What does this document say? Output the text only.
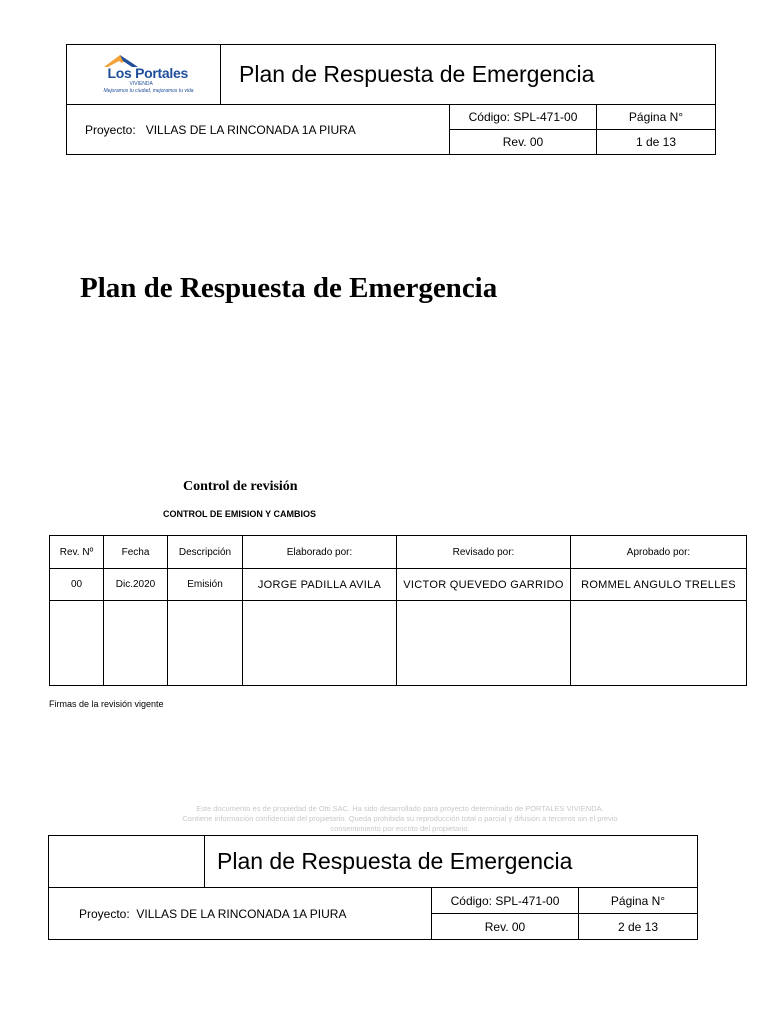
Los Portales
VIVIENDA
Mejoramos tu ciudad, mejoramos tu vida	Plan de Respuesta de Emergencia		
Proyecto: VILLAS DE LA RINCONADA 1A PIURA		Código: SPL-471-00	Página N°
		Rev. 00	1 de 13
Plan de Respuesta de Emergencia
Control de revisión
CONTROL DE EMISION Y CAMBIOS
Rev. Nº	Fecha	Descripción	Elaborado por:	Revisado por:	Aprobado por:
00	Dic.2020	Emisión	JORGE PADILLA AVILA	VICTOR QUEVEDO GARRIDO	ROMMEL ANGULO TRELLES

Firmas de la revisión vigente
Este documento es de propiedad de Otti SAC. Ha sido desarrollado para proyecto determinado de PORTALES VIVIENDA.
Contiene información confidencial del propietario. Queda prohibida su reproducción total o parcial y difusión a terceros sin el previo
consentimiento por escrito del propietario.
	Plan de Respuesta de Emergencia		
Proyecto: VILLAS DE LA RINCONADA 1A PIURA		Código: SPL-471-00	Página N°
		Rev. 00	2 de 13
